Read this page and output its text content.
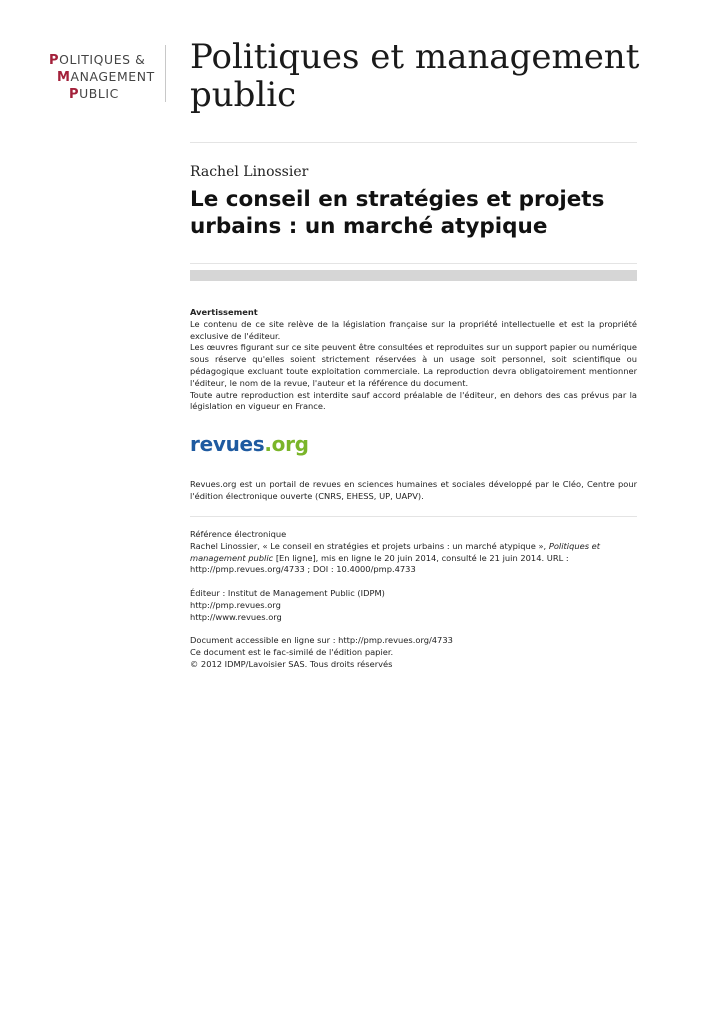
POLITIQUES &
MANAGEMENT
PUBLIC
Politiques et management public
Rachel Linossier
Le conseil en stratégies et projets urbains : un marché atypique
Avertissement

Le contenu de ce site relève de la législation française sur la propriété intellectuelle et est la propriété exclusive de l'éditeur.

Les œuvres figurant sur ce site peuvent être consultées et reproduites sur un support papier ou numérique sous réserve qu'elles soient strictement réservées à un usage soit personnel, soit scientifique ou pédagogique excluant toute exploitation commerciale. La reproduction devra obligatoirement mentionner l'éditeur, le nom de la revue, l'auteur et la référence du document.

Toute autre reproduction est interdite sauf accord préalable de l'éditeur, en dehors des cas prévus par la législation en vigueur en France.

revues.org

Revues.org est un portail de revues en sciences humaines et sociales développé par le Cléo, Centre pour l'édition électronique ouverte (CNRS, EHESS, UP, UAPV).

Référence électronique

Rachel Linossier, « Le conseil en stratégies et projets urbains : un marché atypique », Politiques et management public [En ligne], mis en ligne le 20 juin 2014, consulté le 21 juin 2014. URL : http://pmp.revues.org/4733 ; DOI : 10.4000/pmp.4733

Éditeur : Institut de Management Public (IDPM)

http://pmp.revues.org

http://www.revues.org

Document accessible en ligne sur : http://pmp.revues.org/4733

Ce document est le fac-similé de l'édition papier.

© 2012 IDMP/Lavoisier SAS. Tous droits réservés
